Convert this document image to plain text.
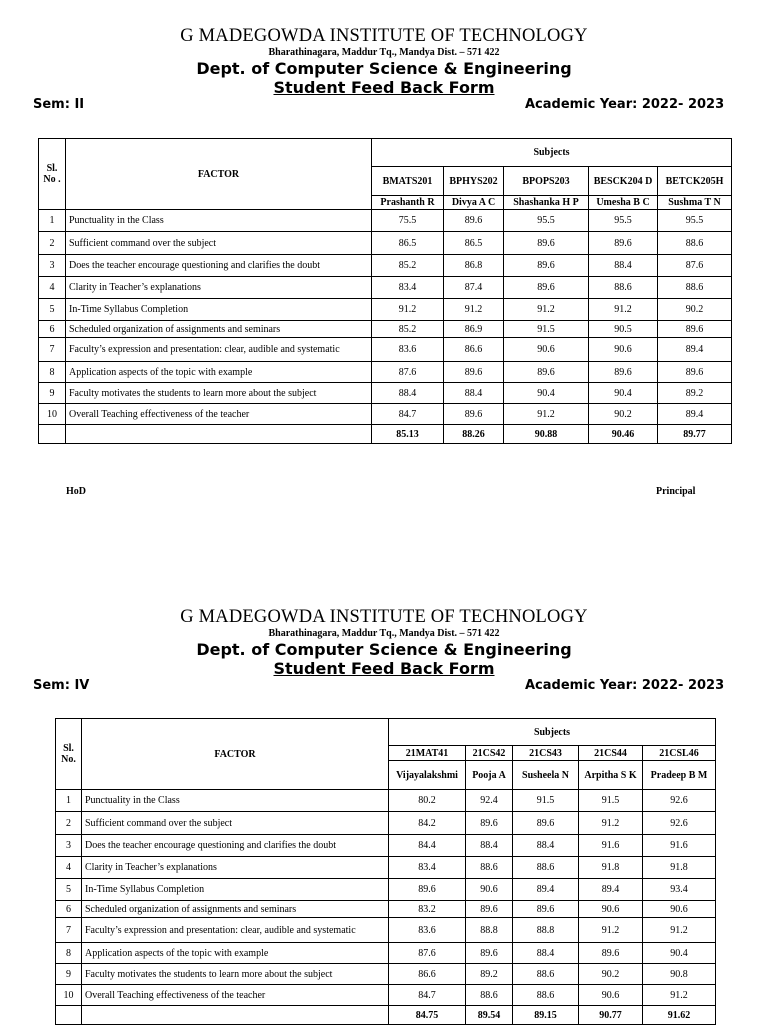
G MADEGOWDA INSTITUTE OF TECHNOLOGY
Bharathinagara, Maddur Tq., Mandya Dist. – 571 422
Dept. of Computer Science & Engineering
Student Feed Back Form
Sem: II	Academic Year: 2022- 2023
Sl. No .	FACTOR	Subjects				
		BMATS201	BPHYS202	BPOPS203	BESCK204 D	BETCK205H
		Prashanth R	Divya A C	Shashanka H P	Umesha B C	Sushma T N
1	Punctuality in the Class	75.5	89.6	95.5	95.5	95.5
2	Sufficient command over the subject	86.5	86.5	89.6	89.6	88.6
3	Does the teacher encourage questioning and clarifies the doubt	85.2	86.8	89.6	88.4	87.6
4	Clarity in Teacher’s explanations	83.4	87.4	89.6	88.6	88.6
5	In-Time Syllabus Completion	91.2	91.2	91.2	91.2	90.2
6	Scheduled organization of assignments and seminars	85.2	86.9	91.5	90.5	89.6
7	Faculty’s expression and presentation: clear, audible and systematic	83.6	86.6	90.6	90.6	89.4
8	Application aspects of the topic with example	87.6	89.6	89.6	89.6	89.6
9	Faculty motivates the students to learn more about the subject	88.4	88.4	90.4	90.4	89.2
10	Overall Teaching effectiveness of the teacher	84.7	89.6	91.2	90.2	89.4
		85.13	88.26	90.88	90.46	89.77
HoD	Principal
G MADEGOWDA INSTITUTE OF TECHNOLOGY
Bharathinagara, Maddur Tq., Mandya Dist. – 571 422
Dept. of Computer Science & Engineering
Student Feed Back Form
Sem: IV	Academic Year: 2022- 2023
Sl. No.	FACTOR	Subjects				
		21MAT41	21CS42	21CS43	21CS44	21CSL46
		Vijayalakshmi	Pooja A	Susheela N	Arpitha S K	Pradeep B M
1	Punctuality in the Class	80.2	92.4	91.5	91.5	92.6
2	Sufficient command over the subject	84.2	89.6	89.6	91.2	92.6
3	Does the teacher encourage questioning and clarifies the doubt	84.4	88.4	88.4	91.6	91.6
4	Clarity in Teacher’s explanations	83.4	88.6	88.6	91.8	91.8
5	In-Time Syllabus Completion	89.6	90.6	89.4	89.4	93.4
6	Scheduled organization of assignments and seminars	83.2	89.6	89.6	90.6	90.6
7	Faculty’s expression and presentation: clear, audible and systematic	83.6	88.8	88.8	91.2	91.2
8	Application aspects of the topic with example	87.6	89.6	88.4	89.6	90.4
9	Faculty motivates the students to learn more about the subject	86.6	89.2	88.6	90.2	90.8
10	Overall Teaching effectiveness of the teacher	84.7	88.6	88.6	90.6	91.2
		84.75	89.54	89.15	90.77	91.62
